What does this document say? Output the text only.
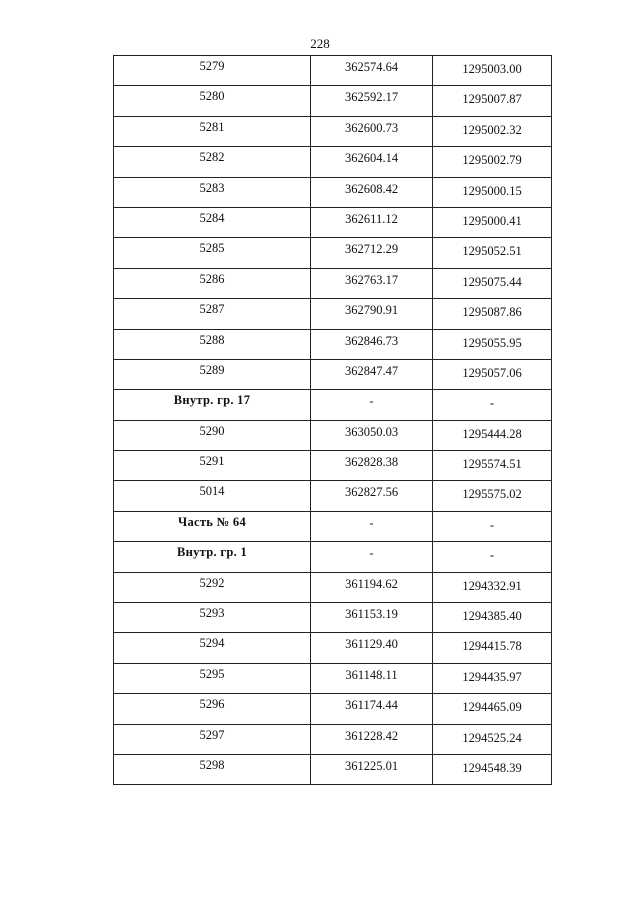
228
5279	362574.64	1295003.00
5280	362592.17	1295007.87
5281	362600.73	1295002.32
5282	362604.14	1295002.79
5283	362608.42	1295000.15
5284	362611.12	1295000.41
5285	362712.29	1295052.51
5286	362763.17	1295075.44
5287	362790.91	1295087.86
5288	362846.73	1295055.95
5289	362847.47	1295057.06
Внутр. гр. 17	-	-
5290	363050.03	1295444.28
5291	362828.38	1295574.51
5014	362827.56	1295575.02
Часть № 64	-	-
Внутр. гр. 1	-	-
5292	361194.62	1294332.91
5293	361153.19	1294385.40
5294	361129.40	1294415.78
5295	361148.11	1294435.97
5296	361174.44	1294465.09
5297	361228.42	1294525.24
5298	361225.01	1294548.39
